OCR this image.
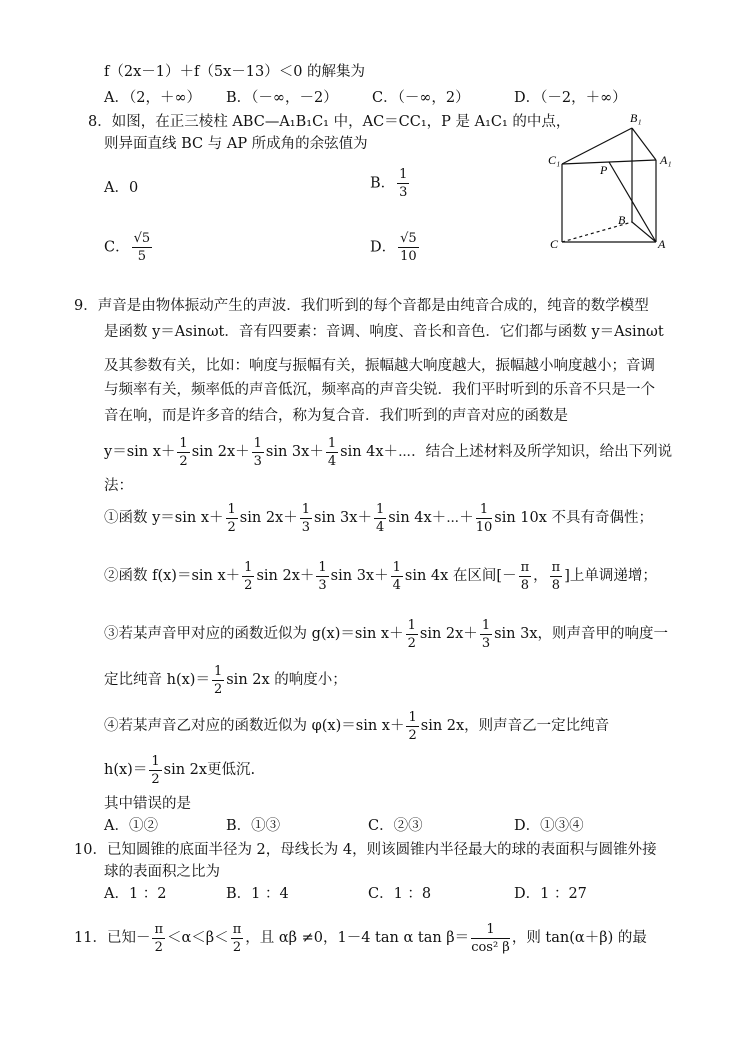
f（2x－1）＋f（5x－13）＜0 的解集为
A．（2，＋∞） B．（－∞，－2） C．（－∞，2）	D．（－2，＋∞）
8．如图，在正三棱柱 ABC—A₁B₁C₁ 中，AC＝CC₁，P 是 A₁C₁ 的中点，
则异面直线 BC 与 AP 所成角的余弦值为
A．0	B． $\frac{1}{3}$
C． $\frac{√5}{5}$	D． $\frac{√5}{10}$
B₁
C₁	A₁
P
B
C	A
9．声音是由物体振动产生的声波．我们听到的每个音都是由纯音合成的，纯音的数学模型
是函数 y＝Asinωt．音有四要素：音调、响度、音长和音色．它们都与函数 y＝Asinωt
及其参数有关，比如：响度与振幅有关，振幅越大响度越大，振幅越小响度越小；音调
与频率有关，频率低的声音低沉，频率高的声音尖锐．我们平时听到的乐音不只是一个
音在响，而是许多音的结合，称为复合音．我们听到的声音对应的函数是
y＝sin $x+ \frac{1}{2}$ $\sin 2x+ \frac{1}{3}$ $\sin 3x+ \frac{1}{4}$ sin 4x＋⋯．结合上述材料及所学知识，给出下列说
法：
①函数 y＝sin $x+ \frac{1}{2}$ $\sin 2x+ \frac{1}{3}$ $\sin 3x+ \frac{1}{4}$ sin 4x＋⋯＋ $\frac{1}{10}$ sin 10x 不具有奇偶性；
②函数 f(x)＝sin $x+ \frac{1}{2}$ $\sin 2x+ \frac{1}{3}$ $\sin 3x+ \frac{1}{4}$ sin 4x 在区间[－ $\frac{\pi}{8}$ ， $\frac{\pi}{8}$ ]上单调递增；
③若某声音甲对应的函数近似为 g(x)＝sin $x+ \frac{1}{2}$ $\sin 2x+ \frac{1}{3}$ sin 3x，则声音甲的响度一
定比纯音 $h(x)= \frac{1}{2}$ sin 2x 的响度小；
④若某声音乙对应的函数近似为 φ(x)＝sin $x+ \frac{1}{2}$ sin 2x，则声音乙一定比纯音
$h(x)= \frac{1}{2}$ sin 2x更低沉.
其中错误的是
A．①②	B．①③	C．②③	D．①③④
10．已知圆锥的底面半径为 2，母线长为 4，则该圆锥内半径最大的球的表面积与圆锥外接
球的表面积之比为
A．1 ：2	B．1 ：4	C．1 ：8	D．1 ：27
11．已知－ $\frac{\pi}{2} <\alpha<\beta< \frac{\pi}{2}$ ，且 αβ ≠0，1－4 tan α $\tan \beta= \frac{1}{\text{cos² β}}$ ，则 tan(α＋β) 的最
